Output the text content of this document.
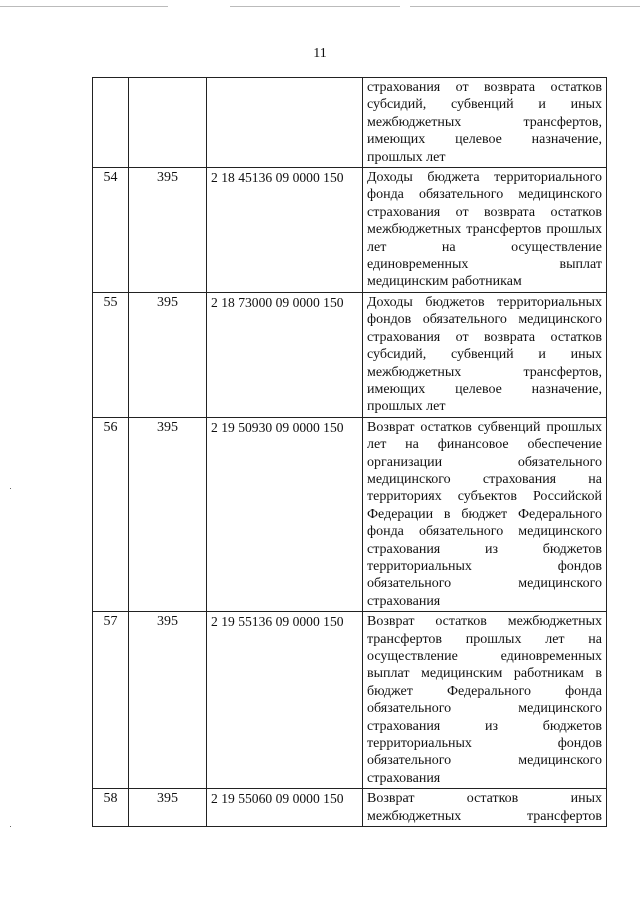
11
			страхования от возврата остатков субсидий, субвенций и иных межбюджетных трансфертов, имеющих целевое назначение,
прошлых лет

54	395	2 18 45136 09 0000 150	Доходы бюджета территориального фонда обязательного медицинского страхования от возврата остатков межбюджетных трансфертов прошлых лет на осуществление единовременных выплат
медицинским работникам

55	395	2 18 73000 09 0000 150	Доходы бюджетов территориальных фондов обязательного медицинского страхования от возврата остатков субсидий, субвенций и иных межбюджетных трансфертов, имеющих целевое назначение,
прошлых лет

56	395	2 19 50930 09 0000 150	Возврат остатков субвенций прошлых лет на финансовое обеспечение организации обязательного медицинского страхования на территориях субъектов Российской Федерации в бюджет Федерального фонда обязательного медицинского страхования из бюджетов территориальных фондов обязательного медицинского
страхования

57	395	2 19 55136 09 0000 150	Возврат остатков межбюджетных трансфертов прошлых лет на осуществление единовременных выплат медицинским работникам в бюджет Федерального фонда обязательного медицинского страхования из бюджетов территориальных фондов обязательного медицинского
страхования

58	395	2 19 55060 09 0000 150	Возврат остатков иных межбюджетных трансфертов
